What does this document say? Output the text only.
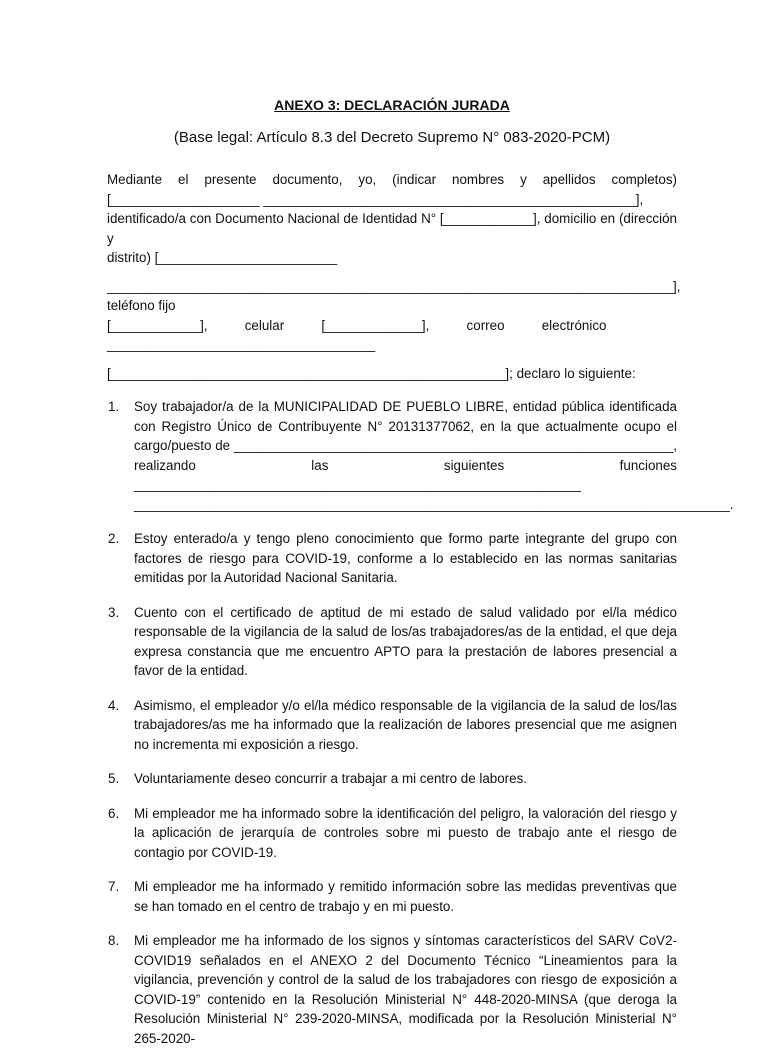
ANEXO 3: DECLARACIÓN JURADA

(Base legal: Artículo 8.3 del Decreto Supremo N° 083-2020-PCM)

Mediante el presente documento, yo, (indicar nombres y apellidos completos)

[____________________ __________________________________________________],

identificado/a con Documento Nacional de Identidad N° [____________], domicilio en (dirección y

distrito) [________________________

____________________________________________________________________________], teléfono fijo

[____________],          celular          [_____________],          correo          electrónico

____________________________________

[_____________________________________________________]; declaro lo siguiente:

1. Soy trabajador/a de la MUNICIPALIDAD DE PUEBLO LIBRE, entidad pública identificada con Registro Único de Contribuyente N° 20131377062, en la que actualmente ocupo el cargo/puesto de ___________________________________________________________, realizando las siguientes funciones ____________________________________________________________ ________________________________________________________________________________.
2. Estoy enterado/a y tengo pleno conocimiento que formo parte integrante del grupo con factores de riesgo para COVID-19, conforme a lo establecido en las normas sanitarias emitidas por la Autoridad Nacional Sanitaria.
3. Cuento con el certificado de aptitud de mi estado de salud validado por el/la médico responsable de la vigilancia de la salud de los/as trabajadores/as de la entidad, el que deja expresa constancia que me encuentro APTO para la prestación de labores presencial a favor de la entidad.
4. Asimismo, el empleador y/o el/la médico responsable de la vigilancia de la salud de los/las trabajadores/as me ha informado que la realización de labores presencial que me asignen no incrementa mi exposición a riesgo.
5. Voluntariamente deseo concurrir a trabajar a mi centro de labores.
6. Mi empleador me ha informado sobre la identificación del peligro, la valoración del riesgo y la aplicación de jerarquía de controles sobre mi puesto de trabajo ante el riesgo de contagio por COVID-19.
7. Mi empleador me ha informado y remitido información sobre las medidas preventivas que se han tomado en el centro de trabajo y en mi puesto.
8. Mi empleador me ha informado de los signos y síntomas característicos del SARV CoV2-COVID19 señalados en el ANEXO 2 del Documento Técnico “Lineamientos para la vigilancia, prevención y control de la salud de los trabajadores con riesgo de exposición a COVID-19” contenido en la Resolución Ministerial N° 448-2020-MINSA (que deroga la Resolución Ministerial N° 239-2020-MINSA, modificada por la Resolución Ministerial N° 265-2020-
